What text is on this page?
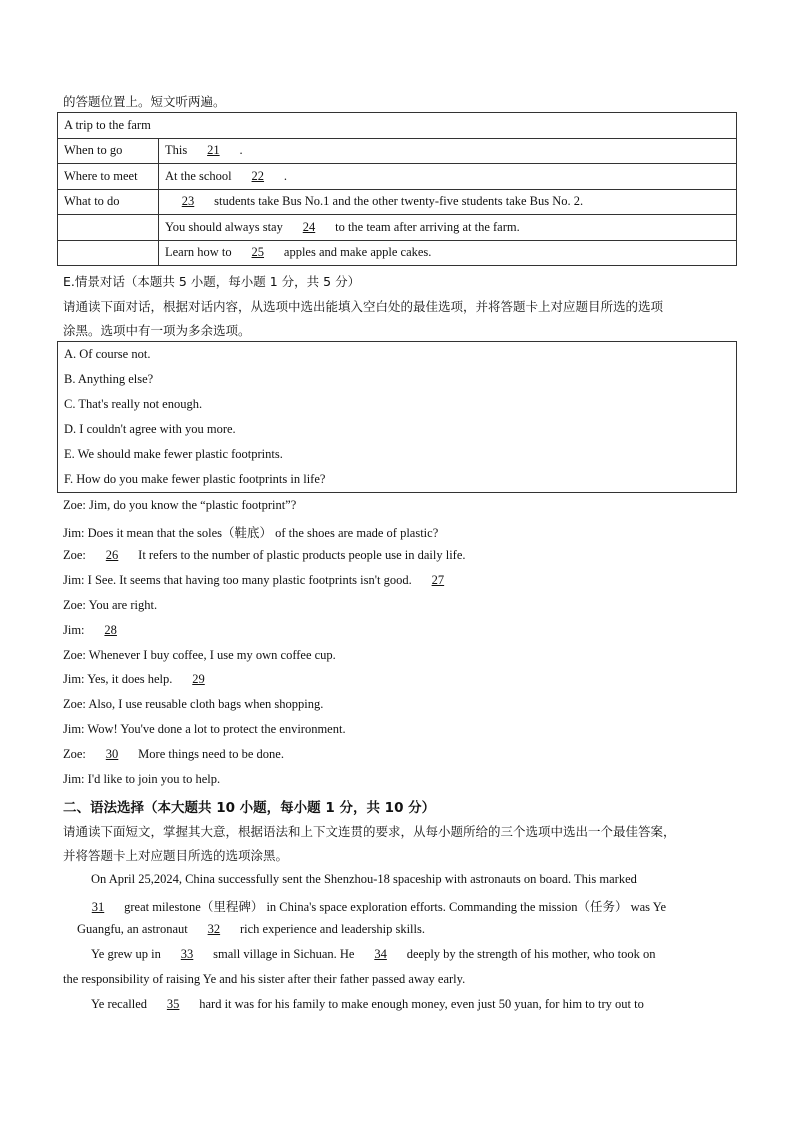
的答题位置上。短文听两遍。
A trip to the farm	
When to go	This 21 .
Where to meet	At the school 22 .
What to do	23 students take Bus No.1 and the other twenty-five students take Bus No. 2.
	You should always stay 24 to the team after arriving at the farm.
	Learn how to 25 apples and make apple cakes.
E.情景对话（本题共 5 小题，每小题 1 分，共 5 分）
请通读下面对话，根据对话内容，从选项中选出能填入空白处的最佳选项，并将答题卡上对应题目所选的选项
涂黑。选项中有一项为多余选项。
A. Of course not.
B. Anything else?
C. That's really not enough.
D. I couldn't agree with you more.
E. We should make fewer plastic footprints.
F. How do you make fewer plastic footprints in life?
Zoe: Jim, do you know the “plastic footprint”?
Jim: Does it mean that the soles（鞋底） of the shoes are made of plastic?
Zoe: 26 It refers to the number of plastic products people use in daily life.
Jim: I See. It seems that having too many plastic footprints isn't good. 27
Zoe: You are right.
Jim: 28
Zoe: Whenever I buy coffee, I use my own coffee cup.
Jim: Yes, it does help. 29
Zoe: Also, I use reusable cloth bags when shopping.
Jim: Wow! You've done a lot to protect the environment.
Zoe: 30 More things need to be done.
Jim: I'd like to join you to help.
二、语法选择（本大题共 10 小题，每小题 1 分，共 10 分）
请通读下面短文，掌握其大意，根据语法和上下文连贯的要求，从每小题所给的三个选项中选出一个最佳答案，
并将答题卡上对应题目所选的选项涂黑。
On April 25,2024, China successfully sent the Shenzhou-18 spaceship with astronauts on board. This marked
31 great milestone（里程碑） in China's space exploration efforts. Commanding the mission（任务） was Ye
Guangfu, an astronaut 32 rich experience and leadership skills.
Ye grew up in 33 small village in Sichuan. He 34 deeply by the strength of his mother, who took on
the responsibility of raising Ye and his sister after their father passed away early.
Ye recalled 35 hard it was for his family to make enough money, even just 50 yuan, for him to try out to
